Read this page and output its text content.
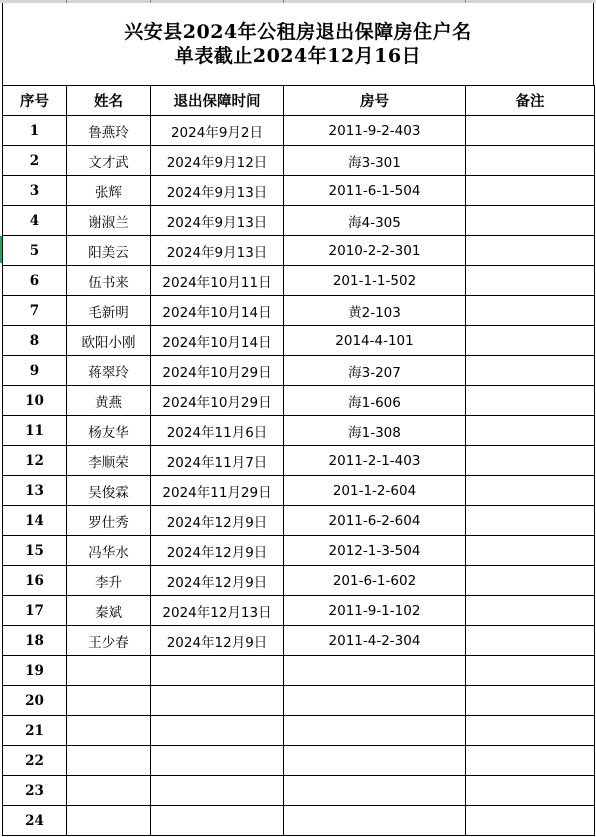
兴安县2024年公租房退出保障房住户名
单表截止2024年12月16日
序号	姓名	退出保障时间	房号	备注
1	鲁燕玲	2024年9月2日	2011-9-2-403	
2	文才武	2024年9月12日	海3-301	
3	张辉	2024年9月13日	2011-6-1-504	
4	谢淑兰	2024年9月13日	海4-305	
5	阳美云	2024年9月13日	2010-2-2-301	
6	伍书来	2024年10月11日	201-1-1-502	
7	毛新明	2024年10月14日	黄2-103	
8	欧阳小刚	2024年10月14日	2014-4-101	
9	蒋翠玲	2024年10月29日	海3-207	
10	黄燕	2024年10月29日	海1-606	
11	杨友华	2024年11月6日	海1-308	
12	李顺荣	2024年11月7日	2011-2-1-403	
13	吴俊霖	2024年11月29日	201-1-2-604	
14	罗仕秀	2024年12月9日	2011-6-2-604	
15	冯华水	2024年12月9日	2012-1-3-504	
16	李升	2024年12月9日	201-6-1-602	
17	秦斌	2024年12月13日	2011-9-1-102	
18	王少春	2024年12月9日	2011-4-2-304	
19				
20				
21				
22				
23				
24				
